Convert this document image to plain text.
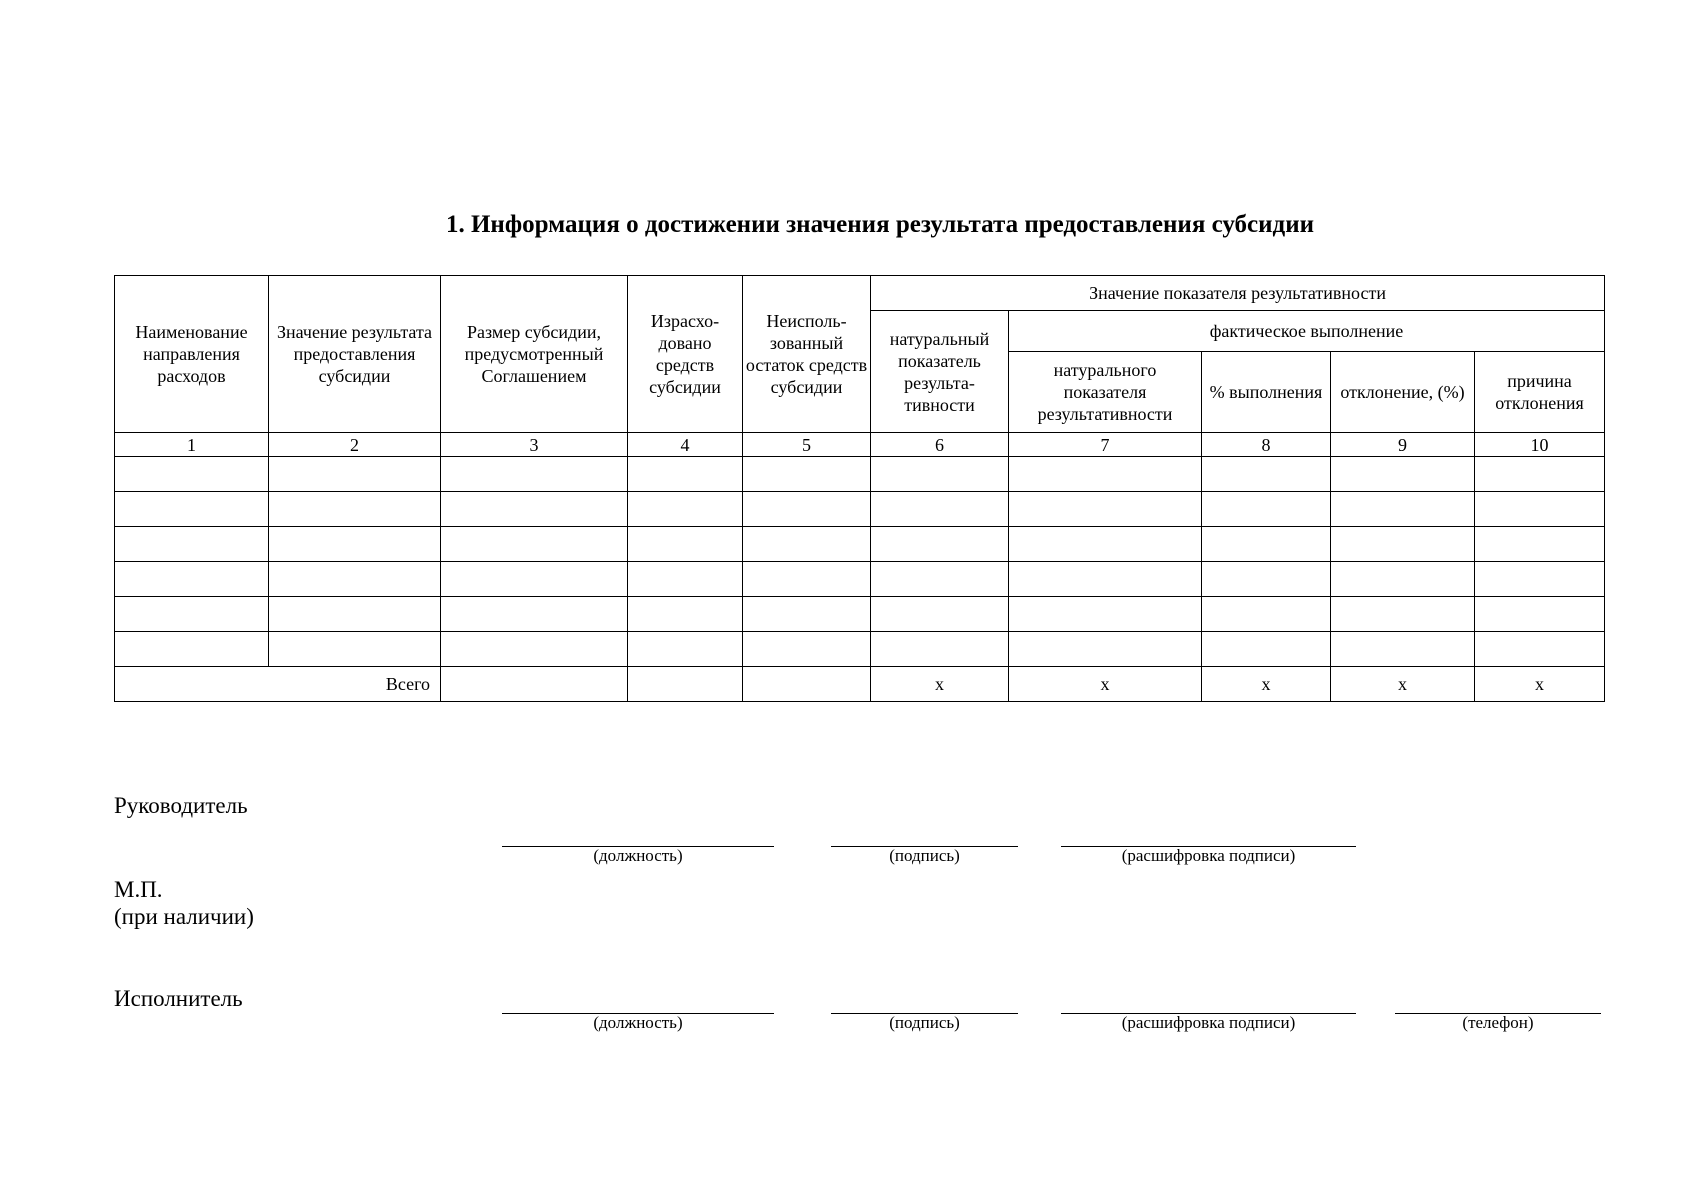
1. Информация о достижении значения результата предоставления субсидии
Наименование направления расходов	Значение результата предоставления субсидии	Размер субсидии, предусмотренный Соглашением	Израсхо-довано средств субсидии	Неисполь-зованный остаток средств субсидии	Значение показателя результативности				
					натуральный показатель результа-тивности	фактическое выполнение			
						натурального показателя результативности	% выполнения	отклонение, (%)	причина отклонения
1	2	3	4	5	6	7	8	9	10

Всего					х	х	х	х	х
Руководитель
(должность)	(подпись)	(расшифровка подписи)
М.П.
(при наличии)
Исполнитель
(должность)	(подпись)	(расшифровка подписи)	(телефон)
